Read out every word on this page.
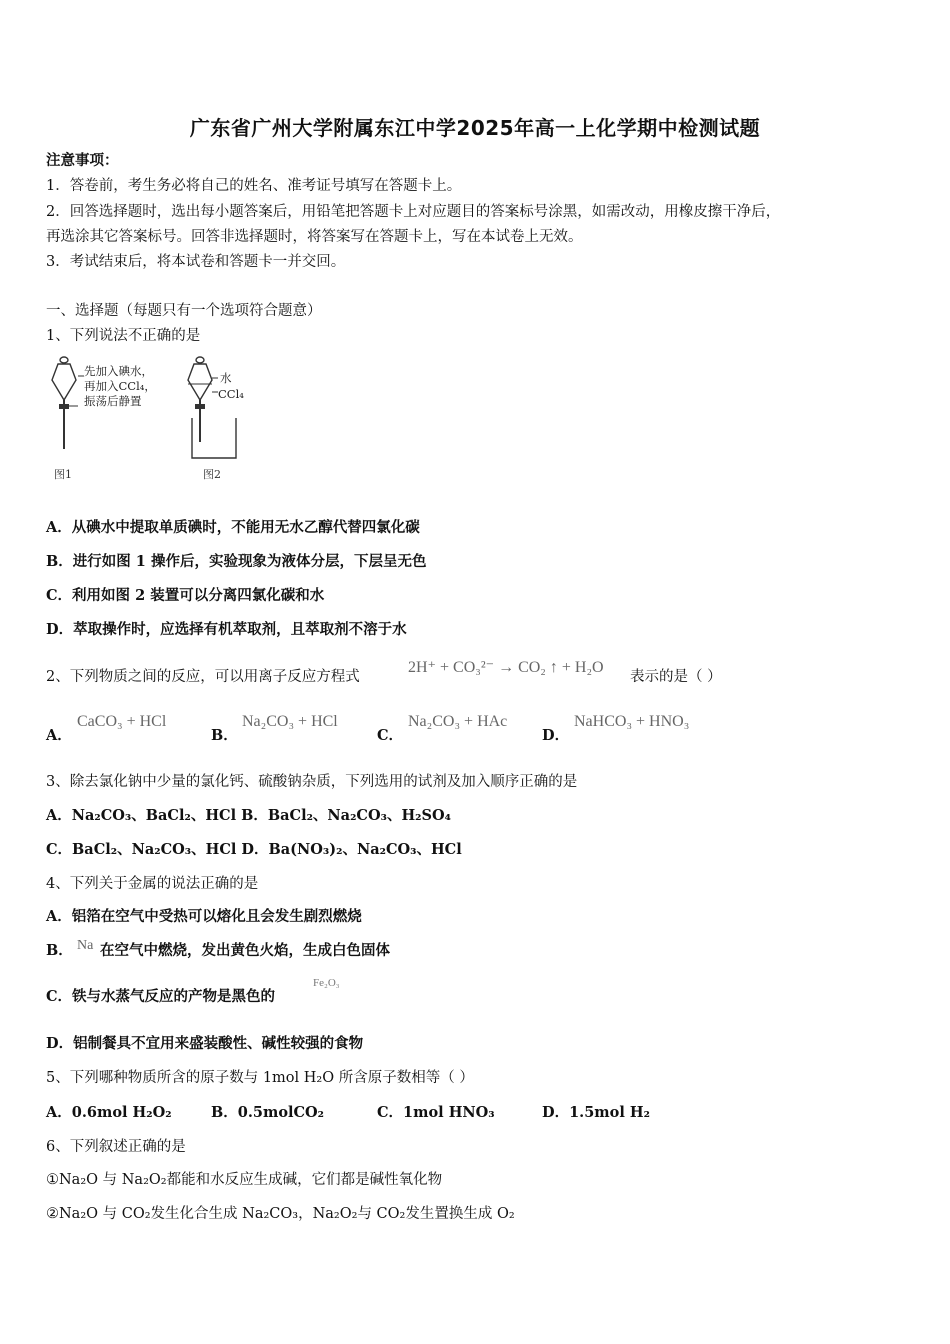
广东省广州大学附属东江中学2025年高一上化学期中检测试题
注意事项：
1．答卷前，考生务必将自己的姓名、准考证号填写在答题卡上。
2．回答选择题时，选出每小题答案后，用铅笔把答题卡上对应题目的答案标号涂黑，如需改动，用橡皮擦干净后，
再选涂其它答案标号。回答非选择题时，将答案写在答题卡上，写在本试卷上无效。
3．考试结束后，将本试卷和答题卡一并交回。
一、选择题（每题只有一个选项符合题意）
1、下列说法不正确的是
先加入碘水，
再加入CCl₄，
振荡后静置
图1
水
CCl₄
图2
A．从碘水中提取单质碘时，不能用无水乙醇代替四氯化碳
B．进行如图 1 操作后，实验现象为液体分层，下层呈无色
C．利用如图 2 装置可以分离四氯化碳和水
D．萃取操作时，应选择有机萃取剂，且萃取剂不溶于水
2、下列物质之间的反应，可以用离子反应方程式
2H⁺ + CO₃²⁻ → CO₂ ↑ + H₂O
表示的是（ ）
A．
CaCO₃ + HCl
B．
Na₂CO₃ + HCl
C．
Na₂CO₃ + HAc
D．
NaHCO₃ + HNO₃
3、除去氯化钠中少量的氯化钙、硫酸钠杂质，下列选用的试剂及加入顺序正确的是
A．Na₂CO₃、BaCl₂、HCl B．BaCl₂、Na₂CO₃、H₂SO₄
C．BaCl₂、Na₂CO₃、HCl D．Ba(NO₃)₂、Na₂CO₃、HCl
4、下列关于金属的说法正确的是
A．铝箔在空气中受热可以熔化且会发生剧烈燃烧
B． Na 在空气中燃烧，发出黄色火焰，生成白色固体
C．铁与水蒸气反应的产物是黑色的
Fe₂O₃
D．铝制餐具不宜用来盛装酸性、碱性较强的食物
5、下列哪种物质所含的原子数与 1mol H₂O 所含原子数相等（ ）
A．0.6mol H₂O₂	B．0.5molCO₂	C．1mol HNO₃	D．1.5mol H₂
6、下列叙述正确的是
①Na₂O 与 Na₂O₂都能和水反应生成碱，它们都是碱性氧化物
②Na₂O 与 CO₂发生化合生成 Na₂CO₃，Na₂O₂与 CO₂发生置换生成 O₂
